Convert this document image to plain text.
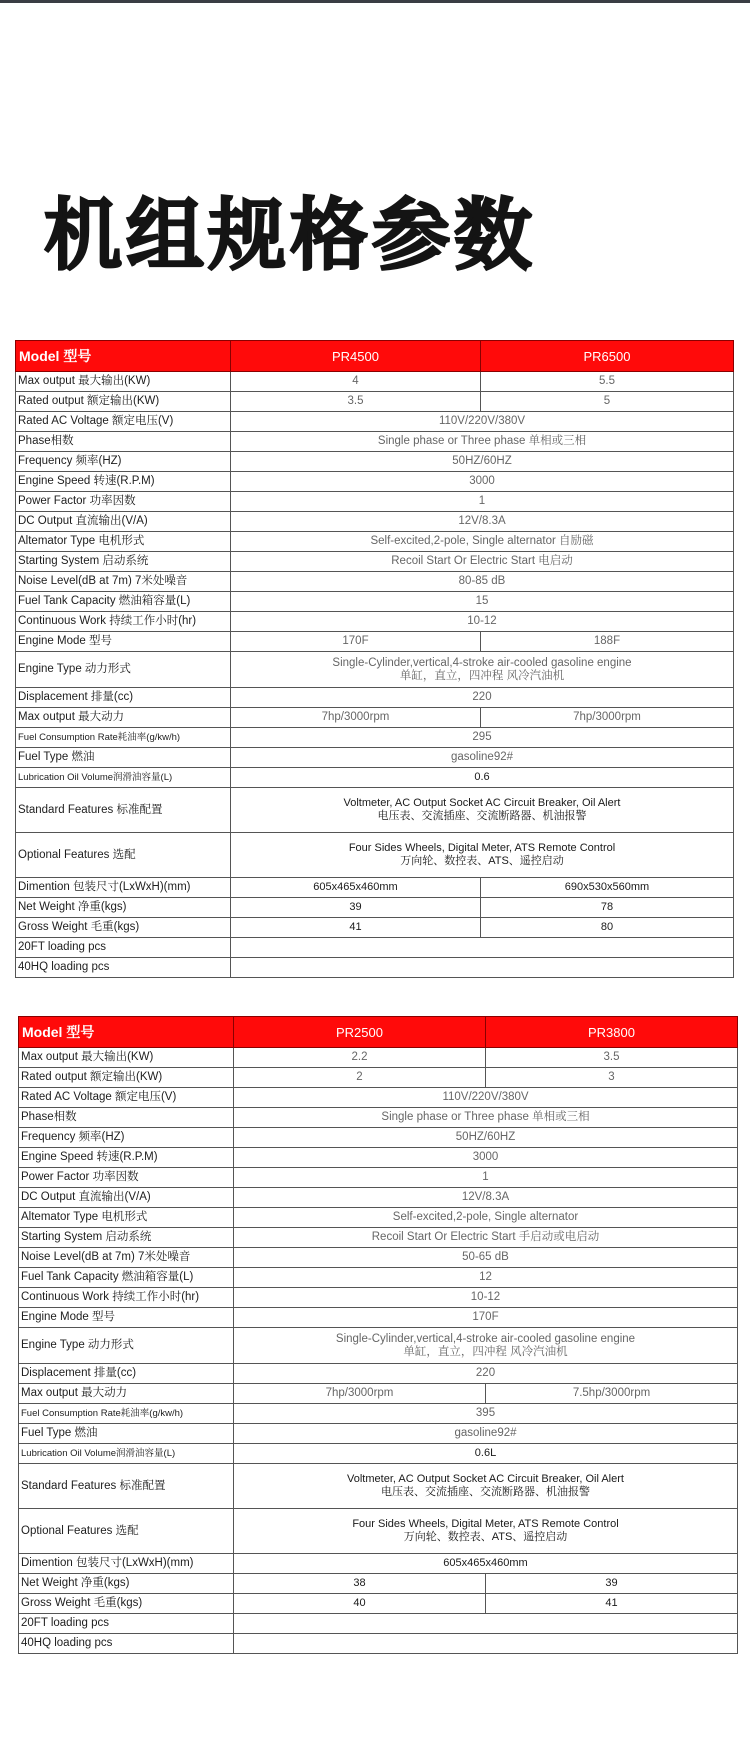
机组规格参数
Model 型号	PR4500	PR6500
Max output 最大输出(KW)	4	5.5
Rated output 额定输出(KW)	3.5	5
Rated AC Voltage 额定电压(V)	110V/220V/380V	
Phase相数	Single phase or Three phase 单相或三相	
Frequency 频率(HZ)	50HZ/60HZ	
Engine Speed 转速(R.P.M)	3000	
Power Factor 功率因数	1	
DC Output 直流输出(V/A)	12V/8.3A	
Altemator Type 电机形式	Self-excited,2-pole, Single alternator 自励磁	
Starting System 启动系统	Recoil Start Or Electric Start 电启动	
Noise Level(dB at 7m) 7米处噪音	80-85 dB	
Fuel Tank Capacity 燃油箱容量(L)	15	
Continuous Work 持续工作小时(hr)	10-12	
Engine Mode 型号	170F	188F
Engine Type 动力形式	Single-Cylinder,vertical,4-stroke air-cooled gasoline engine
单缸，直立，四冲程 风冷汽油机	

Displacement 排量(cc)	220	
Max output 最大动力	7hp/3000rpm	7hp/3000rpm
Fuel Consumption Rate耗油率(g/kw/h)	295	
Fuel Type 燃油	gasoline92#	
Lubrication Oil Volume润滑油容量(L)	0.6	
Standard Features 标准配置	Voltmeter, AC Output Socket AC Circuit Breaker, Oil Alert
电压表、交流插座、交流断路器、机油报警	

Optional Features 选配	Four Sides Wheels, Digital Meter, ATS Remote Control
万向轮、数控表、ATS、遥控启动	

Dimention 包装尺寸(LxWxH)(mm)	605x465x460mm	690x530x560mm
Net Weight 净重(kgs)	39	78
Gross Weight 毛重(kgs)	41	80
20FT loading pcs		
40HQ loading pcs		
Model 型号	PR2500	PR3800
Max output 最大输出(KW)	2.2	3.5
Rated output 额定输出(KW)	2	3
Rated AC Voltage 额定电压(V)	110V/220V/380V	
Phase相数	Single phase or Three phase 单相或三相	
Frequency 频率(HZ)	50HZ/60HZ	
Engine Speed 转速(R.P.M)	3000	
Power Factor 功率因数	1	
DC Output 直流输出(V/A)	12V/8.3A	
Altemator Type 电机形式	Self-excited,2-pole, Single alternator	
Starting System 启动系统	Recoil Start Or Electric Start 手启动或电启动	
Noise Level(dB at 7m) 7米处噪音	50-65 dB	
Fuel Tank Capacity 燃油箱容量(L)	12	
Continuous Work 持续工作小时(hr)	10-12	
Engine Mode 型号	170F	
Engine Type 动力形式	Single-Cylinder,vertical,4-stroke air-cooled gasoline engine
单缸，直立，四冲程 风冷汽油机	

Displacement 排量(cc)	220	
Max output 最大动力	7hp/3000rpm	7.5hp/3000rpm
Fuel Consumption Rate耗油率(g/kw/h)	395	
Fuel Type 燃油	gasoline92#	
Lubrication Oil Volume润滑油容量(L)	0.6L	
Standard Features 标准配置	Voltmeter, AC Output Socket AC Circuit Breaker, Oil Alert
电压表、交流插座、交流断路器、机油报警	

Optional Features 选配	Four Sides Wheels, Digital Meter, ATS Remote Control
万向轮、数控表、ATS、遥控启动	

Dimention 包装尺寸(LxWxH)(mm)	605x465x460mm	
Net Weight 净重(kgs)	38	39
Gross Weight 毛重(kgs)	40	41
20FT loading pcs		
40HQ loading pcs		
